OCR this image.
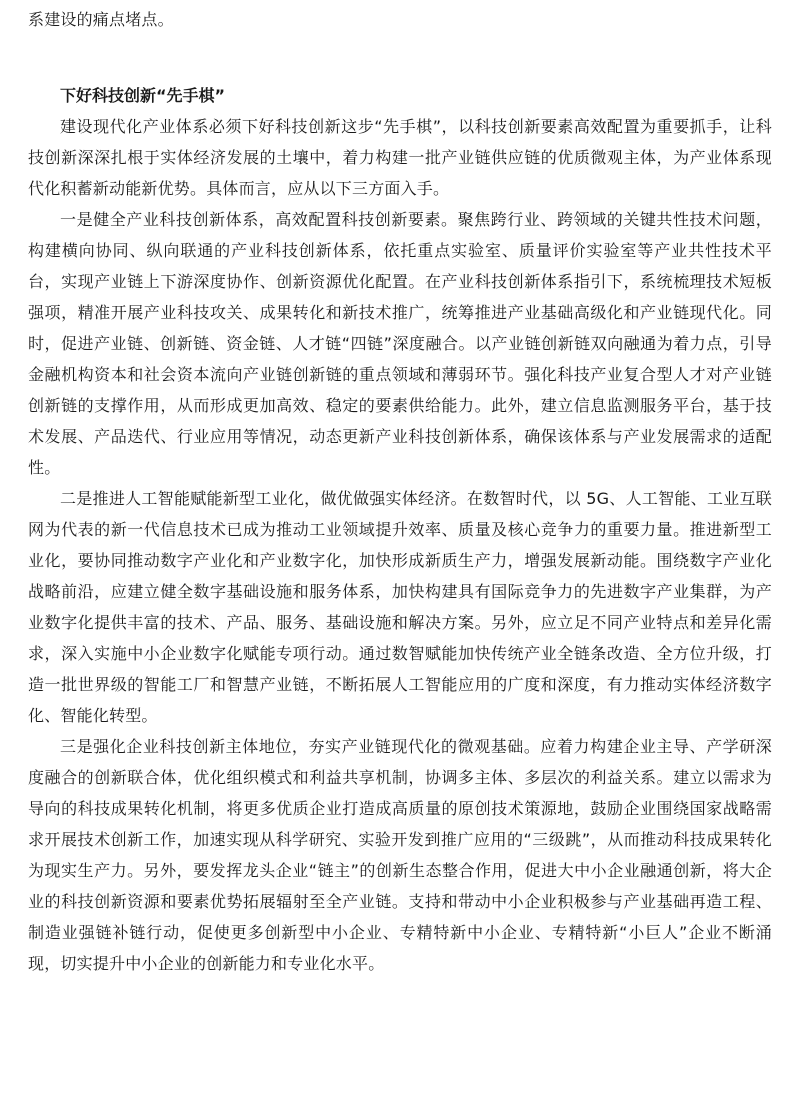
系建设的痛点堵点。

下好科技创新“先手棋”

建设现代化产业体系必须下好科技创新这步“先手棋”，以科技创新要素高效配置为重要抓手，让科技创新深深扎根于实体经济发展的土壤中，着力构建一批产业链供应链的优质微观主体，为产业体系现代化积蓄新动能新优势。具体而言，应从以下三方面入手。

一是健全产业科技创新体系，高效配置科技创新要素。聚焦跨行业、跨领域的关键共性技术问题，构建横向协同、纵向联通的产业科技创新体系，依托重点实验室、质量评价实验室等产业共性技术平台，实现产业链上下游深度协作、创新资源优化配置。在产业科技创新体系指引下，系统梳理技术短板强项，精准开展产业科技攻关、成果转化和新技术推广，统筹推进产业基础高级化和产业链现代化。同时，促进产业链、创新链、资金链、人才链“四链”深度融合。以产业链创新链双向融通为着力点，引导金融机构资本和社会资本流向产业链创新链的重点领域和薄弱环节。强化科技产业复合型人才对产业链创新链的支撑作用，从而形成更加高效、稳定的要素供给能力。此外，建立信息监测服务平台，基于技术发展、产品迭代、行业应用等情况，动态更新产业科技创新体系，确保该体系与产业发展需求的适配性。

二是推进人工智能赋能新型工业化，做优做强实体经济。在数智时代，以 5G、人工智能、工业互联网为代表的新一代信息技术已成为推动工业领域提升效率、质量及核心竞争力的重要力量。推进新型工业化，要协同推动数字产业化和产业数字化，加快形成新质生产力，增强发展新动能。围绕数字产业化战略前沿，应建立健全数字基础设施和服务体系，加快构建具有国际竞争力的先进数字产业集群，为产业数字化提供丰富的技术、产品、服务、基础设施和解决方案。另外，应立足不同产业特点和差异化需求，深入实施中小企业数字化赋能专项行动。通过数智赋能加快传统产业全链条改造、全方位升级，打造一批世界级的智能工厂和智慧产业链，不断拓展人工智能应用的广度和深度，有力推动实体经济数字化、智能化转型。

三是强化企业科技创新主体地位，夯实产业链现代化的微观基础。应着力构建企业主导、产学研深度融合的创新联合体，优化组织模式和利益共享机制，协调多主体、多层次的利益关系。建立以需求为导向的科技成果转化机制，将更多优质企业打造成高质量的原创技术策源地，鼓励企业围绕国家战略需求开展技术创新工作，加速实现从科学研究、实验开发到推广应用的“三级跳”，从而推动科技成果转化为现实生产力。另外，要发挥龙头企业“链主”的创新生态整合作用，促进大中小企业融通创新，将大企业的科技创新资源和要素优势拓展辐射至全产业链。支持和带动中小企业积极参与产业基础再造工程、制造业强链补链行动，促使更多创新型中小企业、专精特新中小企业、专精特新“小巨人”企业不断涌现，切实提升中小企业的创新能力和专业化水平。
